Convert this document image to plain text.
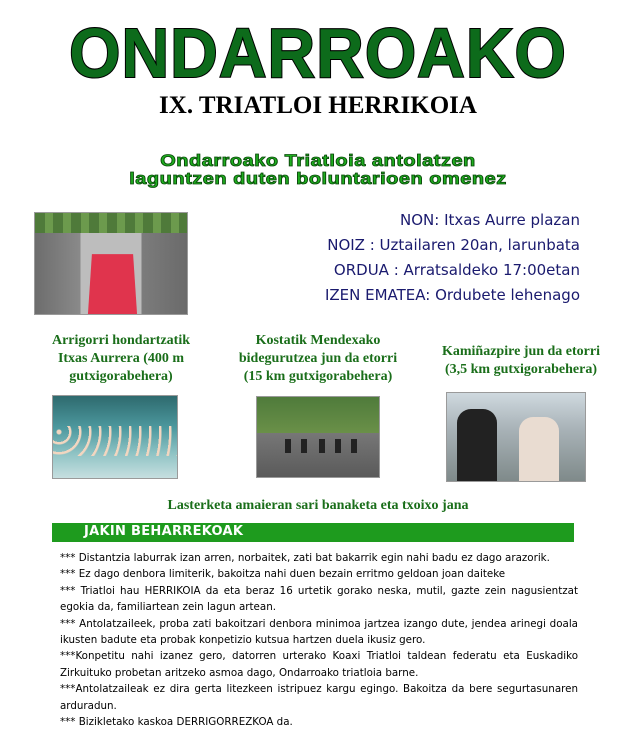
ONDARROAKO
IX. TRIATLOI HERRIKOIA
Ondarroako Triatloia antolatzen
laguntzen duten boluntarioen omenez
NON: Itxas Aurre plazan
NOIZ : Uztailaren 20an, larunbata
ORDUA : Arratsaldeko 17:00etan
IZEN EMATEA: Ordubete lehenago
Arrigorri hondartzatik
Itxas Aurrera (400 m
gutxigorabehera)
Kostatik Mendexako
bidegurutzea jun da etorri
(15 km gutxigorabehera)
Kamiñazpire jun da etorri
(3,5 km gutxigorabehera)
Lasterketa amaieran sari banaketa eta txoixo jana
JAKIN BEHARREKOAK

*** Distantzia laburrak izan arren, norbaitek, zati bat bakarrik egin nahi badu ez dago arazorik.

*** Ez dago denbora limiterik, bakoitza nahi duen bezain erritmo geldoan joan daiteke

*** Triatloi hau HERRIKOIA da eta beraz 16 urtetik gorako neska, mutil, gazte zein nagusientzat egokia da, familiartean zein lagun artean.

*** Antolatzaileek, proba zati bakoitzari denbora minimoa jartzea izango dute, jendea arinegi doala ikusten badute eta probak konpetizio kutsua hartzen duela ikusiz gero.

***Konpetitu nahi izanez gero, datorren urterako Koaxi Triatloi taldean federatu eta Euskadiko Zirkuituko probetan aritzeko asmoa dago, Ondarroako triatloia barne.

***Antolatzaileak ez dira gerta litezkeen istripuez kargu egingo. Bakoitza da bere segurtasunaren arduradun.

*** Bizikletako kaskoa DERRIGORREZKOA da.
